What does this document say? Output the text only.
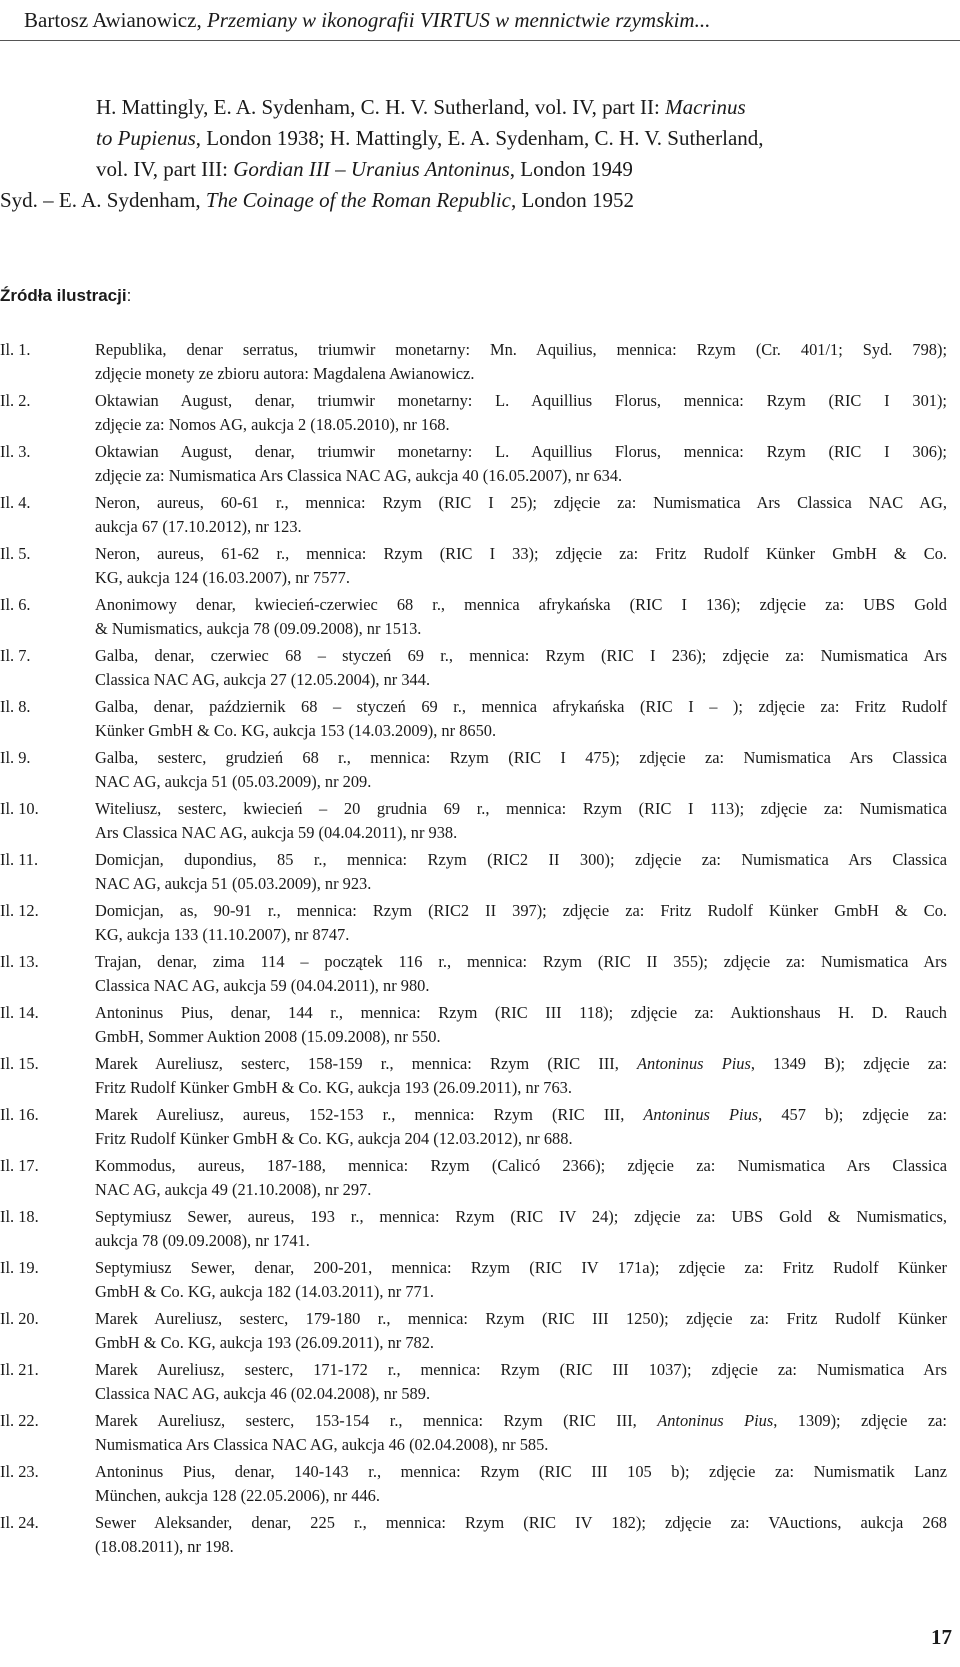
Bartosz Awianowicz, Przemiany w ikonografii VIRTUS w mennictwie rzymskim...
H. Mattingly, E. A. Sydenham, C. H. V. Sutherland, vol. IV, part II: Macrinus
to Pupienus, London 1938; H. Mattingly, E. A. Sydenham, C. H. V. Sutherland,
vol. IV, part III: Gordian III – Uranius Antoninus, London 1949
Syd. – E. A. Sydenham, The Coinage of the Roman Republic, London 1952
Źródła ilustracji:
Il. 1.	Republika, denar serratus, triumwir monetarny: Mn. Aquilius, mennica: Rzym (Cr. 401/1; Syd. 798);
zdjęcie monety ze zbioru autora: Magdalena Awianowicz.
Il. 2.	Oktawian August, denar, triumwir monetarny: L. Aquillius Florus, mennica: Rzym (RIC I 301);
zdjęcie za: Nomos AG, aukcja 2 (18.05.2010), nr 168.
Il. 3.	Oktawian August, denar, triumwir monetarny: L. Aquillius Florus, mennica: Rzym (RIC I 306);
zdjęcie za: Numismatica Ars Classica NAC AG, aukcja 40 (16.05.2007), nr 634.
Il. 4.	Neron, aureus, 60-61 r., mennica: Rzym (RIC I 25); zdjęcie za: Numismatica Ars Classica NAC AG,
aukcja 67 (17.10.2012), nr 123.
Il. 5.	Neron, aureus, 61-62 r., mennica: Rzym (RIC I 33); zdjęcie za: Fritz Rudolf Künker GmbH & Co.
KG, aukcja 124 (16.03.2007), nr 7577.
Il. 6.	Anonimowy denar, kwiecień-czerwiec 68 r., mennica afrykańska (RIC I 136); zdjęcie za: UBS Gold
& Numismatics, aukcja 78 (09.09.2008), nr 1513.
Il. 7.	Galba, denar, czerwiec 68 – styczeń 69 r., mennica: Rzym (RIC I 236); zdjęcie za: Numismatica Ars
Classica NAC AG, aukcja 27 (12.05.2004), nr 344.
Il. 8.	Galba, denar, październik 68 – styczeń 69 r., mennica afrykańska (RIC I – ); zdjęcie za: Fritz Rudolf
Künker GmbH & Co. KG, aukcja 153 (14.03.2009), nr 8650.
Il. 9.	Galba, sesterc, grudzień 68 r., mennica: Rzym (RIC I 475); zdjęcie za: Numismatica Ars Classica
NAC AG, aukcja 51 (05.03.2009), nr 209.
Il. 10.	Witeliusz, sesterc, kwiecień – 20 grudnia 69 r., mennica: Rzym (RIC I 113); zdjęcie za: Numismatica
Ars Classica NAC AG, aukcja 59 (04.04.2011), nr 938.
Il. 11.	Domicjan, dupondius, 85 r., mennica: Rzym (RIC2 II 300); zdjęcie za: Numismatica Ars Classica
NAC AG, aukcja 51 (05.03.2009), nr 923.
Il. 12.	Domicjan, as, 90-91 r., mennica: Rzym (RIC2 II 397); zdjęcie za: Fritz Rudolf Künker GmbH & Co.
KG, aukcja 133 (11.10.2007), nr 8747.
Il. 13.	Trajan, denar, zima 114 – początek 116 r., mennica: Rzym (RIC II 355); zdjęcie za: Numismatica Ars
Classica NAC AG, aukcja 59 (04.04.2011), nr 980.
Il. 14.	Antoninus Pius, denar, 144 r., mennica: Rzym (RIC III 118); zdjęcie za: Auktionshaus H. D. Rauch
GmbH, Sommer Auktion 2008 (15.09.2008), nr 550.
Il. 15.	Marek Aureliusz, sesterc, 158-159 r., mennica: Rzym (RIC III, Antoninus Pius, 1349 B); zdjęcie za:
Fritz Rudolf Künker GmbH & Co. KG, aukcja 193 (26.09.2011), nr 763.
Il. 16.	Marek Aureliusz, aureus, 152-153 r., mennica: Rzym (RIC III, Antoninus Pius, 457 b); zdjęcie za:
Fritz Rudolf Künker GmbH & Co. KG, aukcja 204 (12.03.2012), nr 688.
Il. 17.	Kommodus, aureus, 187-188, mennica: Rzym (Calicó 2366); zdjęcie za: Numismatica Ars Classica
NAC AG, aukcja 49 (21.10.2008), nr 297.
Il. 18.	Septymiusz Sewer, aureus, 193 r., mennica: Rzym (RIC IV 24); zdjęcie za: UBS Gold & Numismatics,
aukcja 78 (09.09.2008), nr 1741.
Il. 19.	Septymiusz Sewer, denar, 200-201, mennica: Rzym (RIC IV 171a); zdjęcie za: Fritz Rudolf Künker
GmbH & Co. KG, aukcja 182 (14.03.2011), nr 771.
Il. 20.	Marek Aureliusz, sesterc, 179-180 r., mennica: Rzym (RIC III 1250); zdjęcie za: Fritz Rudolf Künker
GmbH & Co. KG, aukcja 193 (26.09.2011), nr 782.
Il. 21.	Marek Aureliusz, sesterc, 171-172 r., mennica: Rzym (RIC III 1037); zdjęcie za: Numismatica Ars
Classica NAC AG, aukcja 46 (02.04.2008), nr 589.
Il. 22.	Marek Aureliusz, sesterc, 153-154 r., mennica: Rzym (RIC III, Antoninus Pius, 1309); zdjęcie za:
Numismatica Ars Classica NAC AG, aukcja 46 (02.04.2008), nr 585.
Il. 23.	Antoninus Pius, denar, 140-143 r., mennica: Rzym (RIC III 105 b); zdjęcie za: Numismatik Lanz
München, aukcja 128 (22.05.2006), nr 446.
Il. 24.	Sewer Aleksander, denar, 225 r., mennica: Rzym (RIC IV 182); zdjęcie za: VAuctions, aukcja 268
(18.08.2011), nr 198.
17
